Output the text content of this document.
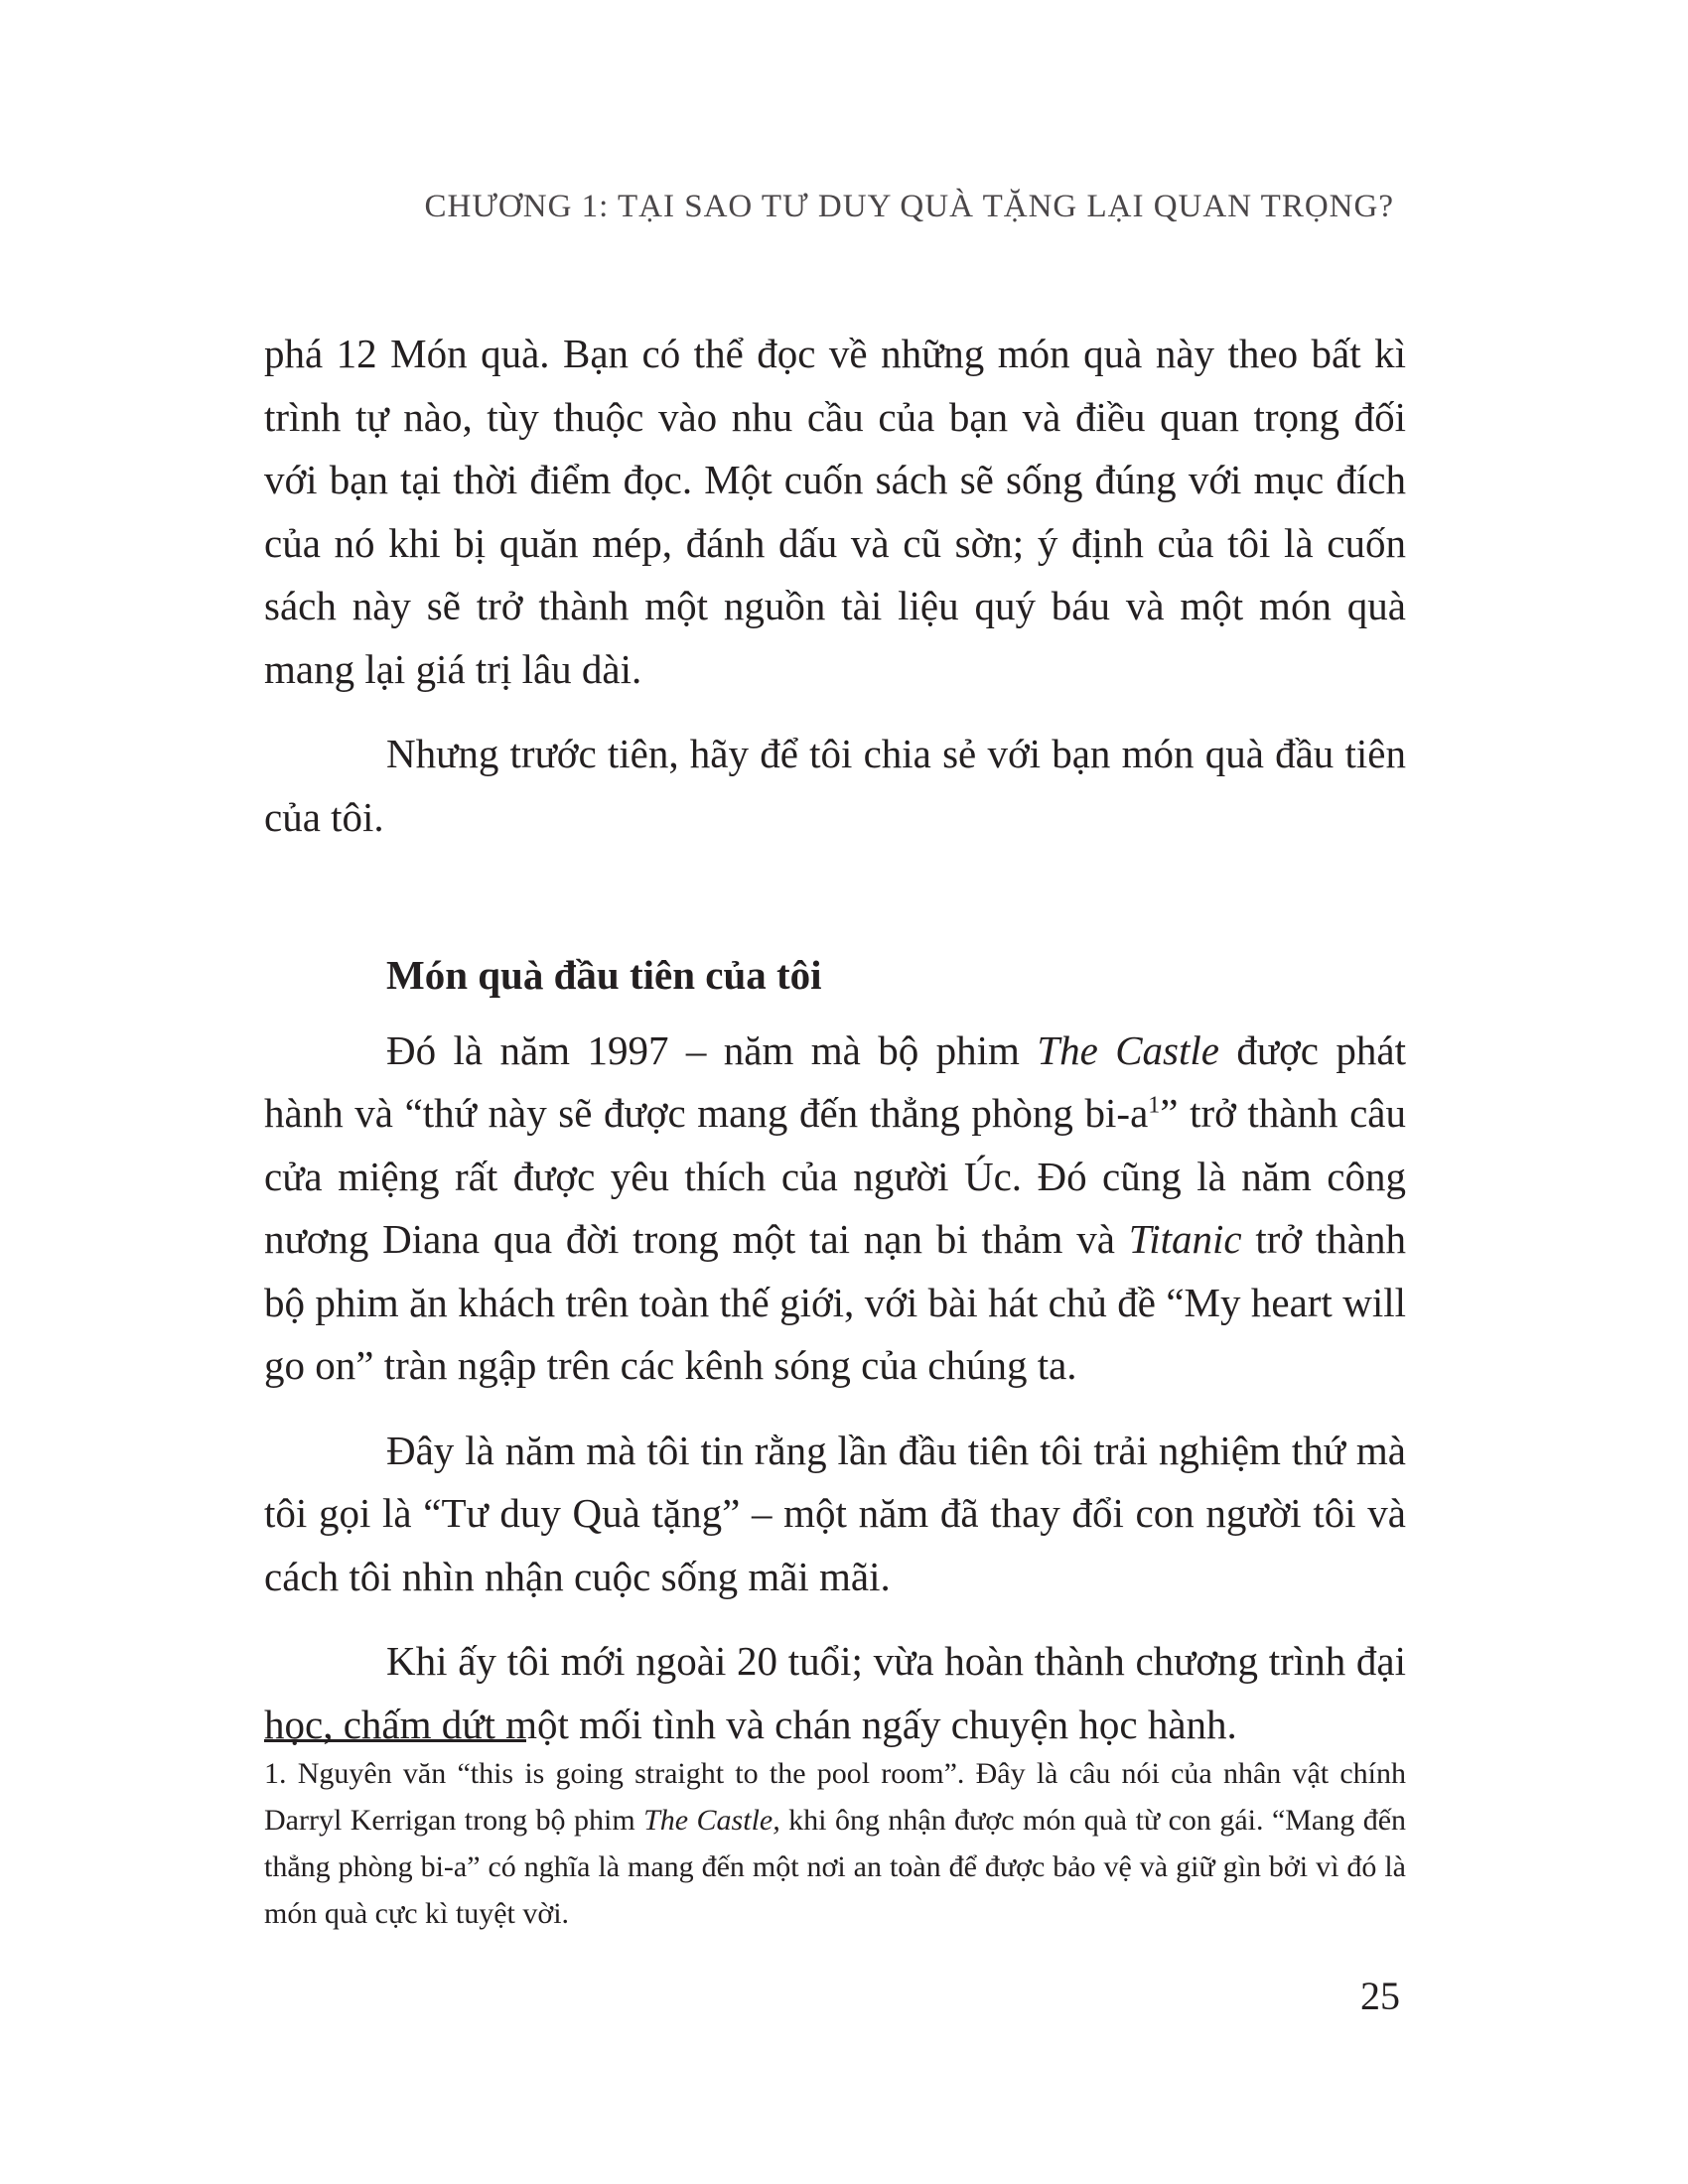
CHƯƠNG 1: TẠI SAO TƯ DUY QUÀ TẶNG LẠI QUAN TRỌNG?

phá 12 Món quà. Bạn có thể đọc về những món quà này theo bất kì trình tự nào, tùy thuộc vào nhu cầu của bạn và điều quan trọng đối với bạn tại thời điểm đọc. Một cuốn sách sẽ sống đúng với mục đích của nó khi bị quăn mép, đánh dấu và cũ sờn; ý định của tôi là cuốn sách này sẽ trở thành một nguồn tài liệu quý báu và một món quà mang lại giá trị lâu dài.

Nhưng trước tiên, hãy để tôi chia sẻ với bạn món quà đầu tiên của tôi.

Món quà đầu tiên của tôi

Đó là năm 1997 – năm mà bộ phim The Castle được phát hành và “thứ này sẽ được mang đến thẳng phòng $bi-a^1$” trở thành câu cửa miệng rất được yêu thích của người Úc. Đó cũng là năm công nương Diana qua đời trong một tai nạn bi thảm và Titanic trở thành bộ phim ăn khách trên toàn thế giới, với bài hát chủ đề “My heart will go on” tràn ngập trên các kênh sóng của chúng ta.

Đây là năm mà tôi tin rằng lần đầu tiên tôi trải nghiệm thứ mà tôi gọi là “Tư duy Quà tặng” – một năm đã thay đổi con người tôi và cách tôi nhìn nhận cuộc sống mãi mãi.

Khi ấy tôi mới ngoài 20 tuổi; vừa hoàn thành chương trình đại học, chấm dứt một mối tình và chán ngấy chuyện học hành.

1. Nguyên văn “this is going straight to the pool room”. Đây là câu nói của nhân vật chính Darryl Kerrigan trong bộ phim The Castle, khi ông nhận được món quà từ con gái. “Mang đến thẳng phòng bi-a” có nghĩa là mang đến một nơi an toàn để được bảo vệ và giữ gìn bởi vì đó là món quà cực kì tuyệt vời.
25
